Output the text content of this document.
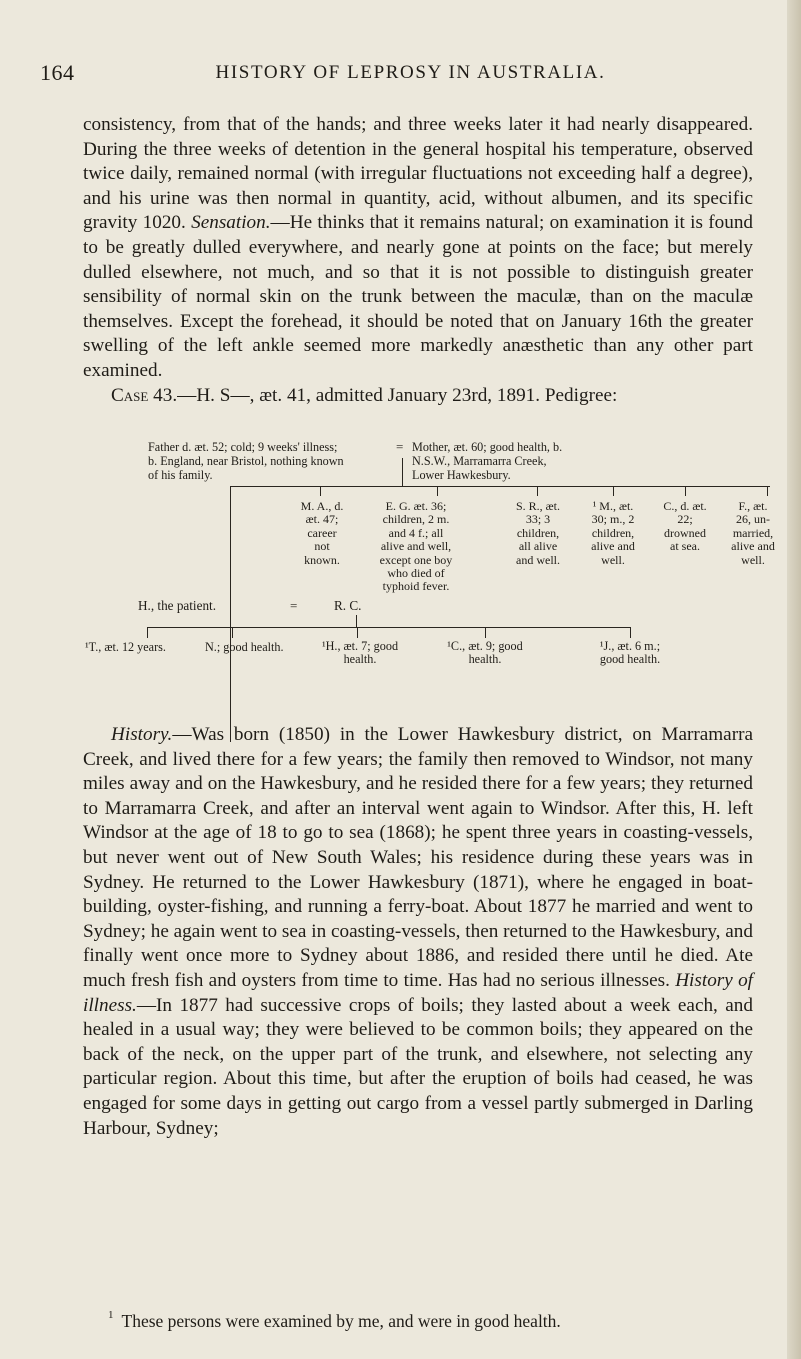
164	HISTORY OF LEPROSY IN AUSTRALIA.

consistency, from that of the hands; and three weeks later it had nearly disappeared. During the three weeks of detention in the general hospital his temperature, observed twice daily, remained normal (with irregular fluctuations not exceeding half a degree), and his urine was then normal in quantity, acid, without albumen, and its specific gravity 1020. Sensation.—He thinks that it remains natural; on examination it is found to be greatly dulled everywhere, and nearly gone at points on the face; but merely dulled elsewhere, not much, and so that it is not possible to distinguish greater sensibility of normal skin on the trunk between the maculæ, than on the maculæ themselves. Except the forehead, it should be noted that on January 16th the greater swelling of the left ankle seemed more markedly anæsthetic than any other part examined.
Case 43.—H. S—, æt. 41, admitted January 23rd, 1891. Pedigree:

Father d. æt. 52; cold; 9 weeks' illness;
b. England, near Bristol, nothing known
of his family.
= Mother, æt. 60; good health, b.
N.S.W., Marramarra Creek,
Lower Hawkesbury.
M. A., d.
æt. 47;
career
not
known.
E. G. æt. 36;
children, 2 m.
and 4 f.; all
alive and well,
except one boy
who died of
typhoid fever.
S. R., æt.
33; 3
children,
all alive
and well.
¹ M., æt.
30; m., 2
children,
alive and
well.
C., d. æt.
22;
drowned
at sea.
F., æt.
26, un-
married,
alive and
well.
H., the patient.	=	R. C.
¹T., æt. 12 years.	N.; good health.	¹H., æt. 7; good
health.
¹C., æt. 9; good
health.
¹J., æt. 6 m.;
good health.

History.—Was born (1850) in the Lower Hawkesbury district, on Marramarra Creek, and lived there for a few years; the family then removed to Windsor, not many miles away and on the Hawkesbury, and he resided there for a few years; they returned to Marramarra Creek, and after an interval went again to Windsor. After this, H. left Windsor at the age of 18 to go to sea (1868); he spent three years in coasting-vessels, but never went out of New South Wales; his residence during these years was in Sydney. He returned to the Lower Hawkesbury (1871), where he engaged in boat-building, oyster-fishing, and running a ferry-boat. About 1877 he married and went to Sydney; he again went to sea in coasting-vessels, then returned to the Hawkesbury, and finally went once more to Sydney about 1886, and resided there until he died. Ate much fresh fish and oysters from time to time. Has had no serious illnesses. History of illness.—In 1877 had successive crops of boils; they lasted about a week each, and healed in a usual way; they were believed to be common boils; they appeared on the back of the neck, on the upper part of the trunk, and elsewhere, not selecting any particular region. About this time, but after the eruption of boils had ceased, he was engaged for some days in getting out cargo from a vessel partly submerged in Darling Harbour, Sydney;

$^1$ These persons were examined by me, and were in good health.
